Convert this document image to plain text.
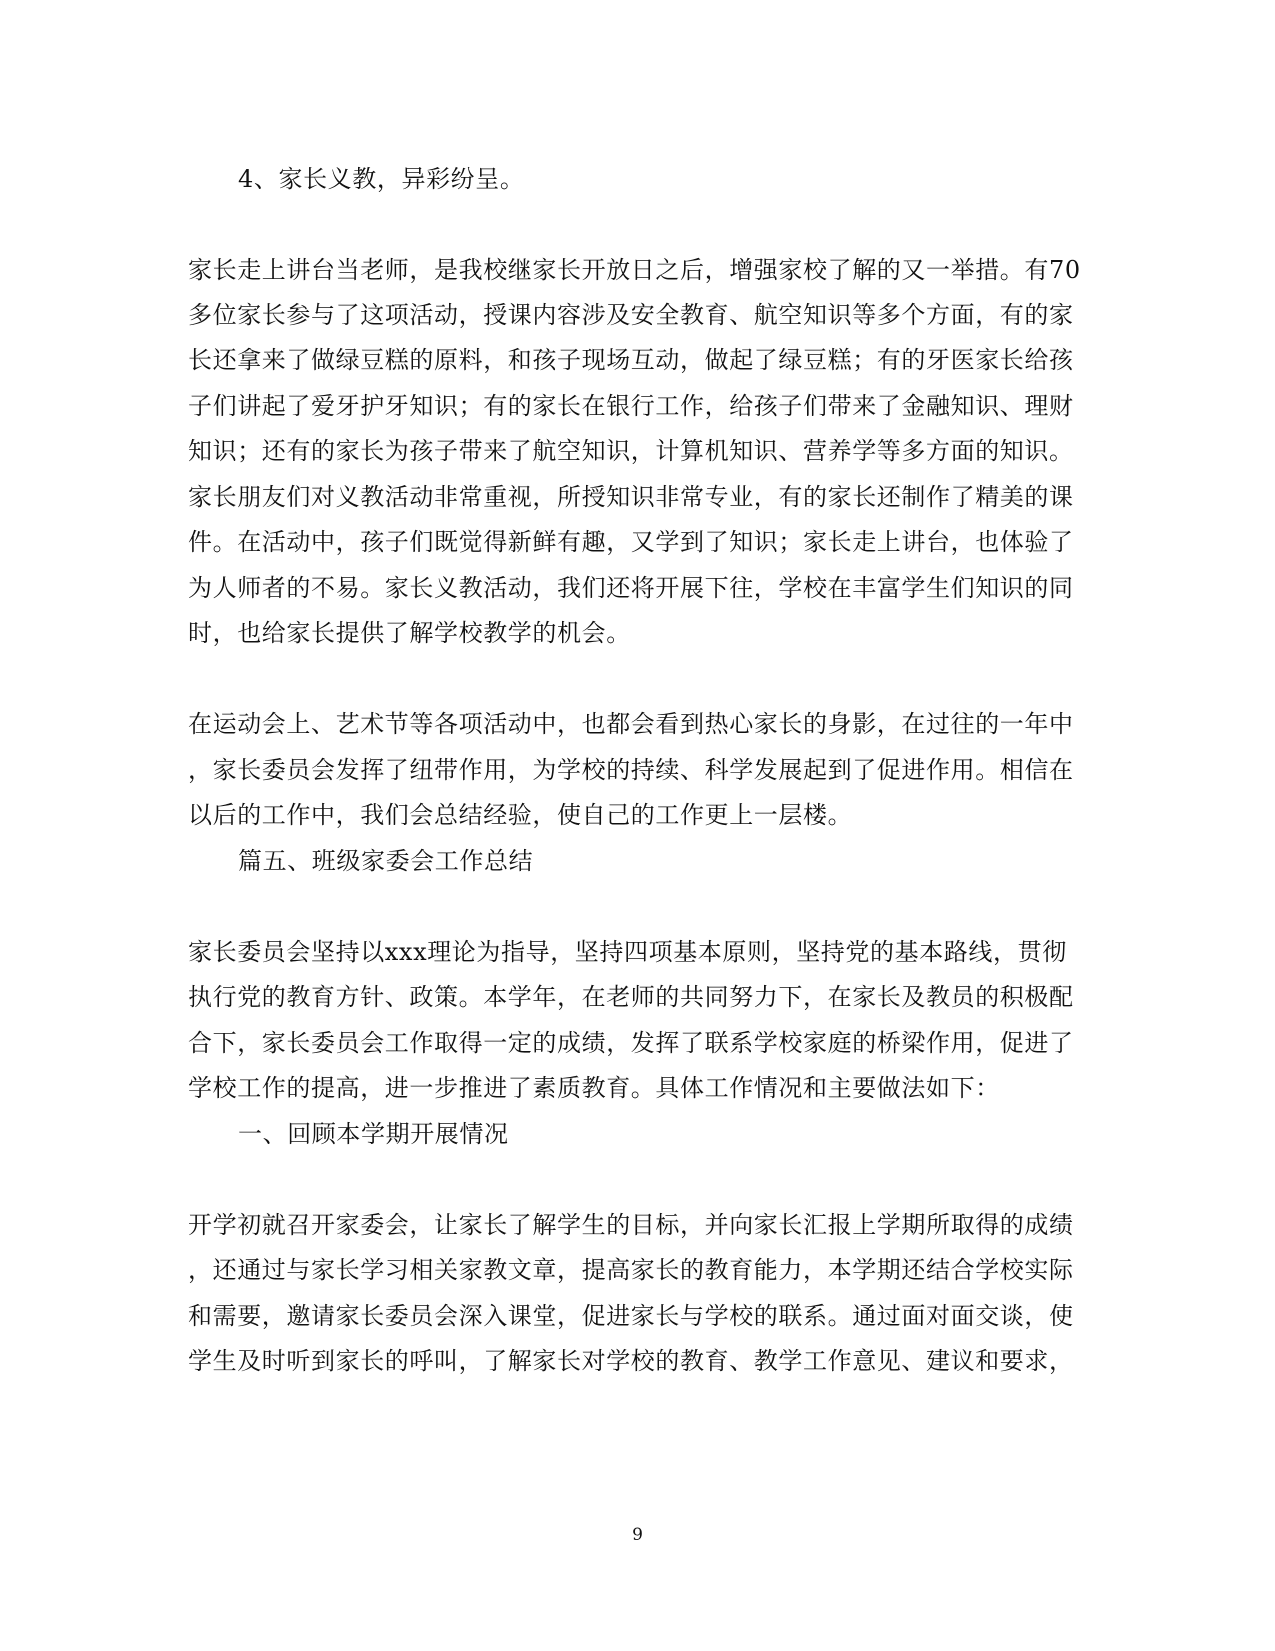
4、家长义教，异彩纷呈。
家长走上讲台当老师，是我校继家长开放日之后，增强家校了解的又一举措。有70
多位家长参与了这项活动，授课内容涉及安全教育、航空知识等多个方面，有的家
长还拿来了做绿豆糕的原料，和孩子现场互动，做起了绿豆糕；有的牙医家长给孩
子们讲起了爱牙护牙知识；有的家长在银行工作，给孩子们带来了金融知识、理财
知识；还有的家长为孩子带来了航空知识，计算机知识、营养学等多方面的知识。
家长朋友们对义教活动非常重视，所授知识非常专业，有的家长还制作了精美的课
件。在活动中，孩子们既觉得新鲜有趣，又学到了知识；家长走上讲台，也体验了
为人师者的不易。家长义教活动，我们还将开展下往，学校在丰富学生们知识的同
时，也给家长提供了解学校教学的机会。
在运动会上、艺术节等各项活动中，也都会看到热心家长的身影，在过往的一年中
，家长委员会发挥了纽带作用，为学校的持续、科学发展起到了促进作用。相信在
以后的工作中，我们会总结经验，使自己的工作更上一层楼。
篇五、班级家委会工作总结
家长委员会坚持以xxx理论为指导，坚持四项基本原则，坚持党的基本路线，贯彻
执行党的教育方针、政策。本学年，在老师的共同努力下，在家长及教员的积极配
合下，家长委员会工作取得一定的成绩，发挥了联系学校家庭的桥梁作用，促进了
学校工作的提高，进一步推进了素质教育。具体工作情况和主要做法如下：
一、回顾本学期开展情况
开学初就召开家委会，让家长了解学生的目标，并向家长汇报上学期所取得的成绩
，还通过与家长学习相关家教文章，提高家长的教育能力，本学期还结合学校实际
和需要，邀请家长委员会深入课堂，促进家长与学校的联系。通过面对面交谈，使
学生及时听到家长的呼叫，了解家长对学校的教育、教学工作意见、建议和要求，
9
